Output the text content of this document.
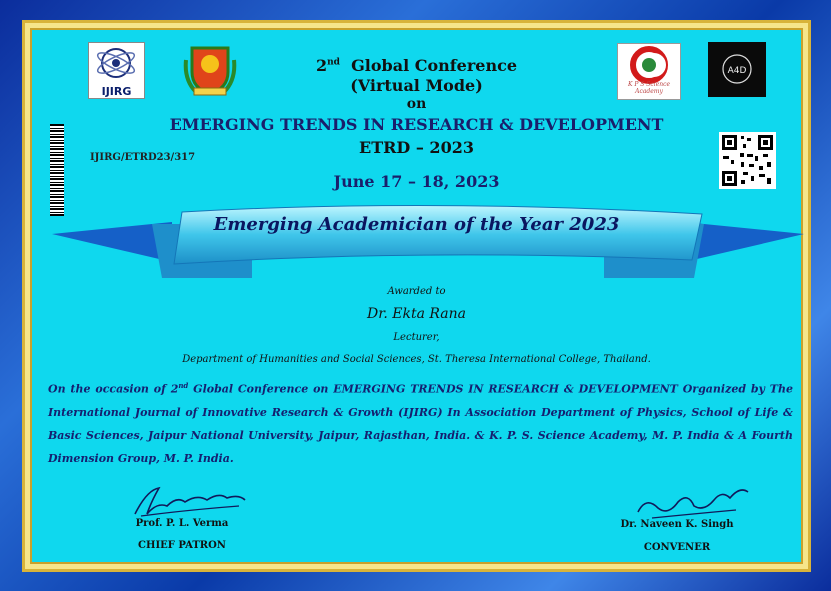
IJIRG
K P S Science Academy
A4D
2nd Global Conference
(Virtual Mode)
on
EMERGING TRENDS IN RESEARCH & DEVELOPMENT
ETRD – 2023
June 17 – 18, 2023
IJIRG/ETRD23/317
Emerging Academician of the Year 2023
Awarded to
Dr. Ekta Rana
Lecturer,
Department of Humanities and Social Sciences, St. Theresa International College, Thailand.
On the occasion of 2nd Global Conference on EMERGING TRENDS IN RESEARCH & DEVELOPMENT Organized by The International Journal of Innovative Research & Growth (IJIRG) In Association Department of Physics, School of Life & Basic Sciences, Jaipur National University, Jaipur, Rajasthan, India. & K. P. S. Science Academy, M. P. India & A Fourth Dimension Group, M. P. India.
Prof. P. L. Verma
CHIEF PATRON
Dr. Naveen K. Singh
CONVENER
